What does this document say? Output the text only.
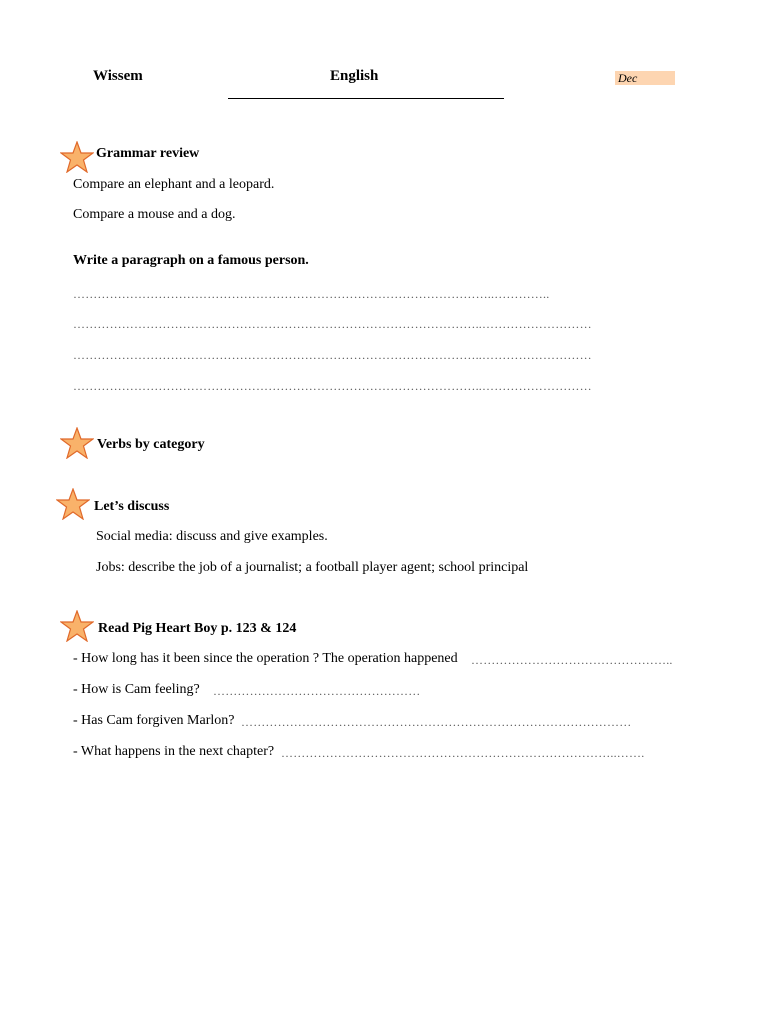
Wissem	English	Dec
Grammar review
Compare an elephant and a leopard.
Compare a mouse and a dog.
Write a paragraph on a famous person.
…………………………………………………………………………………………..…………..
………………………………………………………………………………………..………………………
………………………………………………………………………………………..………………………
………………………………………………………………………………………..………………………
Verbs by category
Let’s discuss
Social media: discuss and give examples.
Jobs: describe the job of a journalist; a football player agent; school principal
Read Pig Heart Boy p. 123 & 124
- How long has it been since the operation ? The operation happened …………………………………………..
- How is Cam feeling? ……………………………………………
- Has Cam forgiven Marlon? ……………………………………………………………………………………
- What happens in the next chapter? ………………………………………………………………………..…….
